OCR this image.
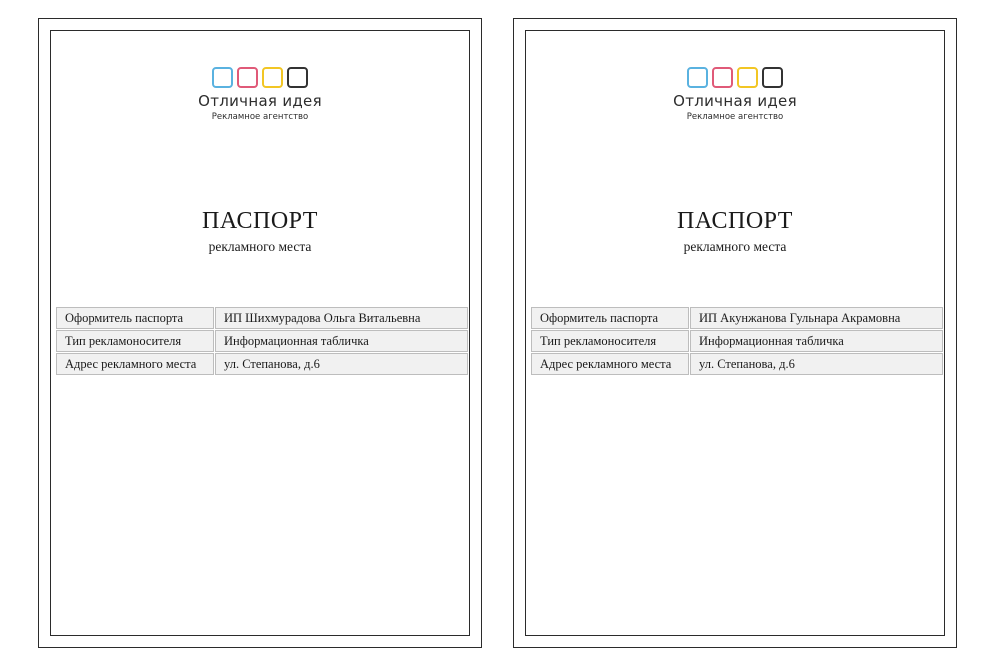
Отличная идея
Рекламное агентство
ПАСПОРТ
рекламного места
Оформитель паспорта	ИП Шихмурадова Ольга Витальевна
Тип рекламоносителя	Информационная табличка
Адрес рекламного места	ул. Степанова, д.6
Отличная идея
Рекламное агентство
ПАСПОРТ
рекламного места
Оформитель паспорта	ИП Акунжанова Гульнара Акрамовна
Тип рекламоносителя	Информационная табличка
Адрес рекламного места	ул. Степанова, д.6
